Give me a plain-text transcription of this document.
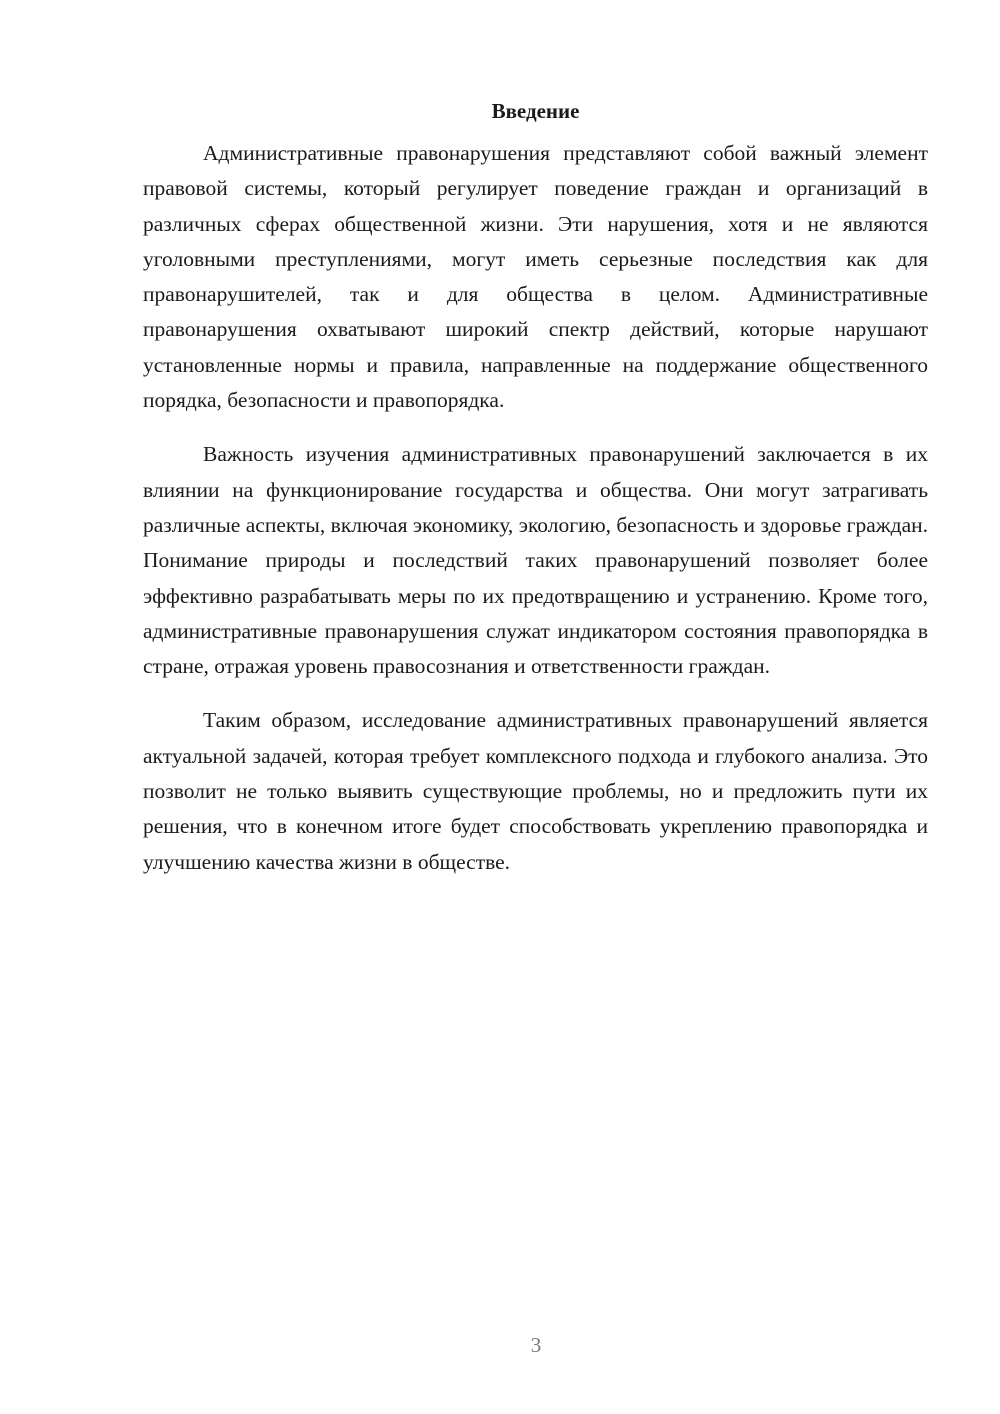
Введение

Административные правонарушения представляют собой важный элемент правовой системы, который регулирует поведение граждан и организаций в различных сферах общественной жизни. Эти нарушения, хотя и не являются уголовными преступлениями, могут иметь серьезные последствия как для правонарушителей, так и для общества в целом. Административные правонарушения охватывают широкий спектр действий, которые нарушают установленные нормы и правила, направленные на поддержание общественного порядка, безопасности и правопорядка.

Важность изучения административных правонарушений заключается в их влиянии на функционирование государства и общества. Они могут затрагивать различные аспекты, включая экономику, экологию, безопасность и здоровье граждан. Понимание природы и последствий таких правонарушений позволяет более эффективно разрабатывать меры по их предотвращению и устранению. Кроме того, административные правонарушения служат индикатором состояния правопорядка в стране, отражая уровень правосознания и ответственности граждан.

Таким образом, исследование административных правонарушений является актуальной задачей, которая требует комплексного подхода и глубокого анализа. Это позволит не только выявить существующие проблемы, но и предложить пути их решения, что в конечном итоге будет способствовать укреплению правопорядка и улучшению качества жизни в обществе.

3
